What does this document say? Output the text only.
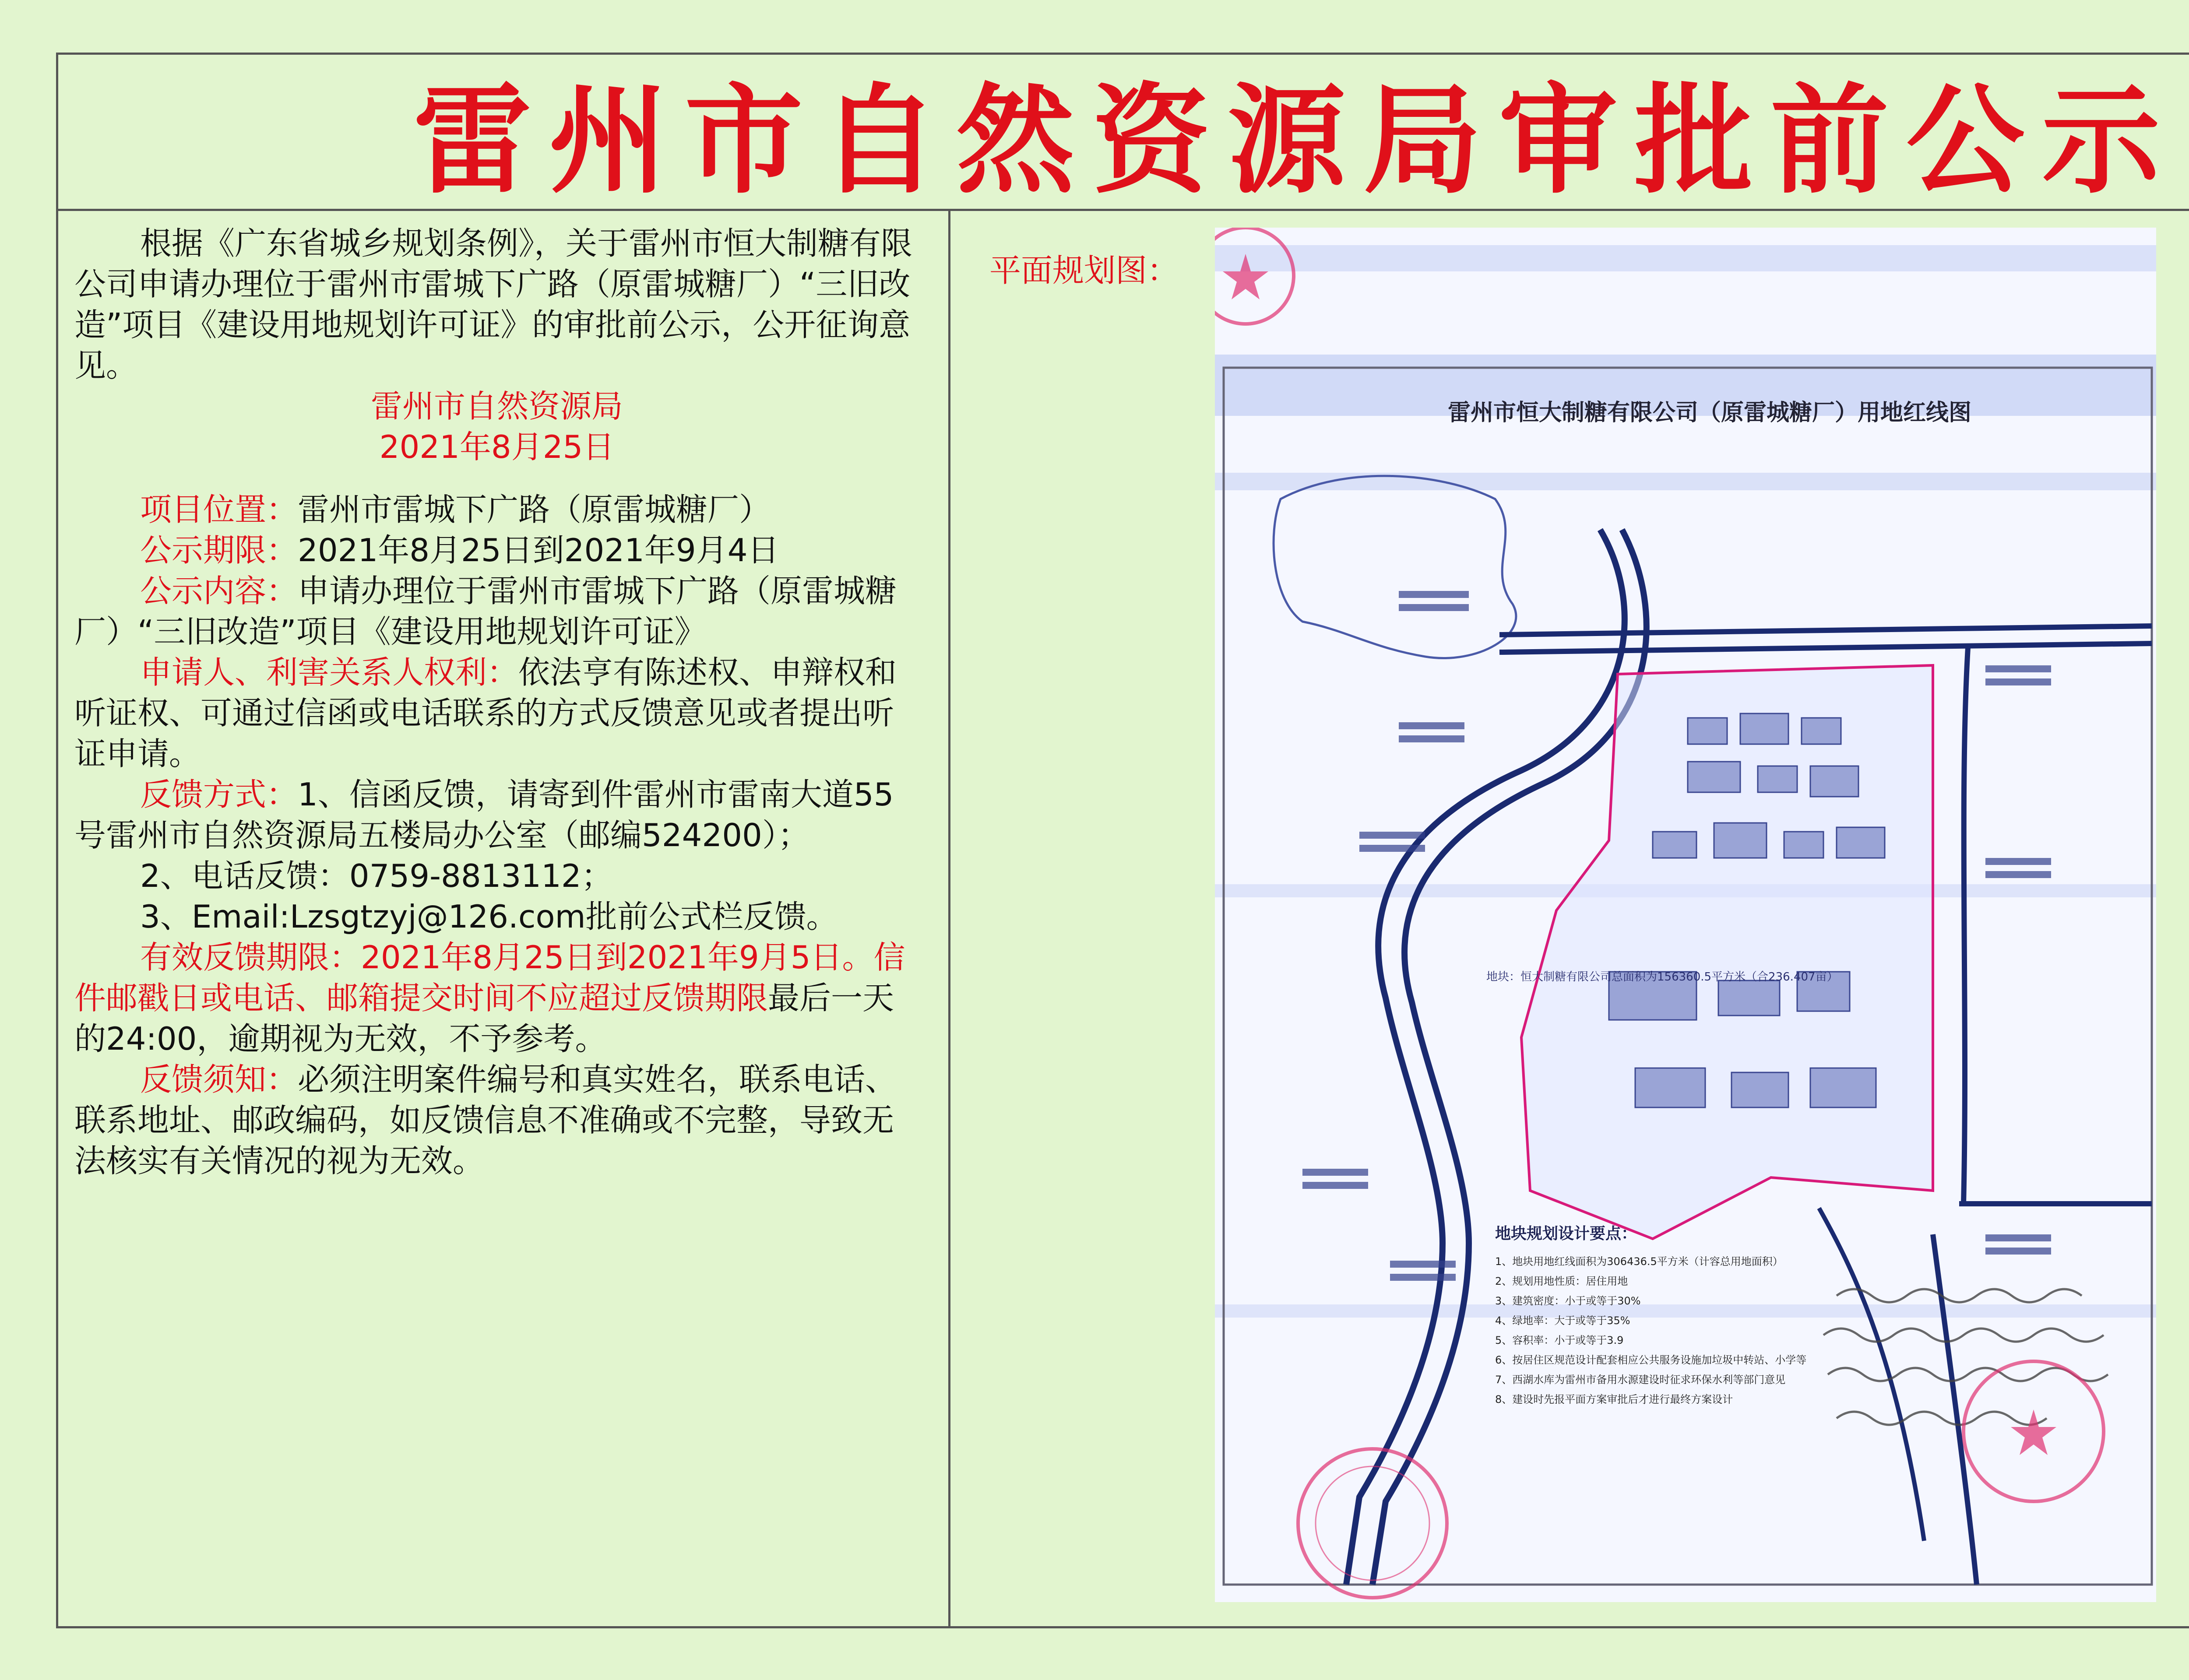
雷州市自然资源局审批前公示

根据《广东省城乡规划条例》，关于雷州市恒大制糖有限公司申请办理位于雷州市雷城下广路（原雷城糖厂）“三旧改造”项目《建设用地规划许可证》的审批前公示，公开征询意见。

雷州市自然资源局

2021年8月25日

项目位置：雷州市雷城下广路（原雷城糖厂）

公示期限：2021年8月25日到2021年9月4日

公示内容：申请办理位于雷州市雷城下广路（原雷城糖厂）“三旧改造”项目《建设用地规划许可证》

申请人、利害关系人权利：依法亨有陈述权、申辩权和听证权、可通过信函或电话联系的方式反馈意见或者提出听证申请。

反馈方式：1、信函反馈，请寄到件雷州市雷南大道55号雷州市自然资源局五楼局办公室（邮编524200）；

2、电话反馈：0759-8813112；

3、Email:Lzsgtzyj@126.com批前公式栏反馈。

有效反馈期限：2021年8月25日到2021年9月5日。信件邮戳日或电话、邮箱提交时间不应超过反馈期限最后一天的24:00，逾期视为无效，不予参考。

反馈须知：必须注明案件编号和真实姓名，联系电话、联系地址、邮政编码，如反馈信息不准确或不完整，导致无法核实有关情况的视为无效。

平面规划图：
雷州市恒大制糖有限公司（原雷城糖厂）用地红线图
地块：恒大制糖有限公司总面积为156360.5平方米（合236.407亩）
地块规划设计要点：
1、地块用地红线面积为306436.5平方米（计容总用地面积）
2、规划用地性质：居住用地
3、建筑密度：小于或等于30%
4、绿地率：大于或等于35%
5、容积率：小于或等于3.9
6、按居住区规范设计配套相应公共服务设施加垃圾中转站、小学等
7、西湖水库为雷州市备用水源建设时征求环保水利等部门意见
8、建设时先报平面方案审批后才进行最终方案设计
